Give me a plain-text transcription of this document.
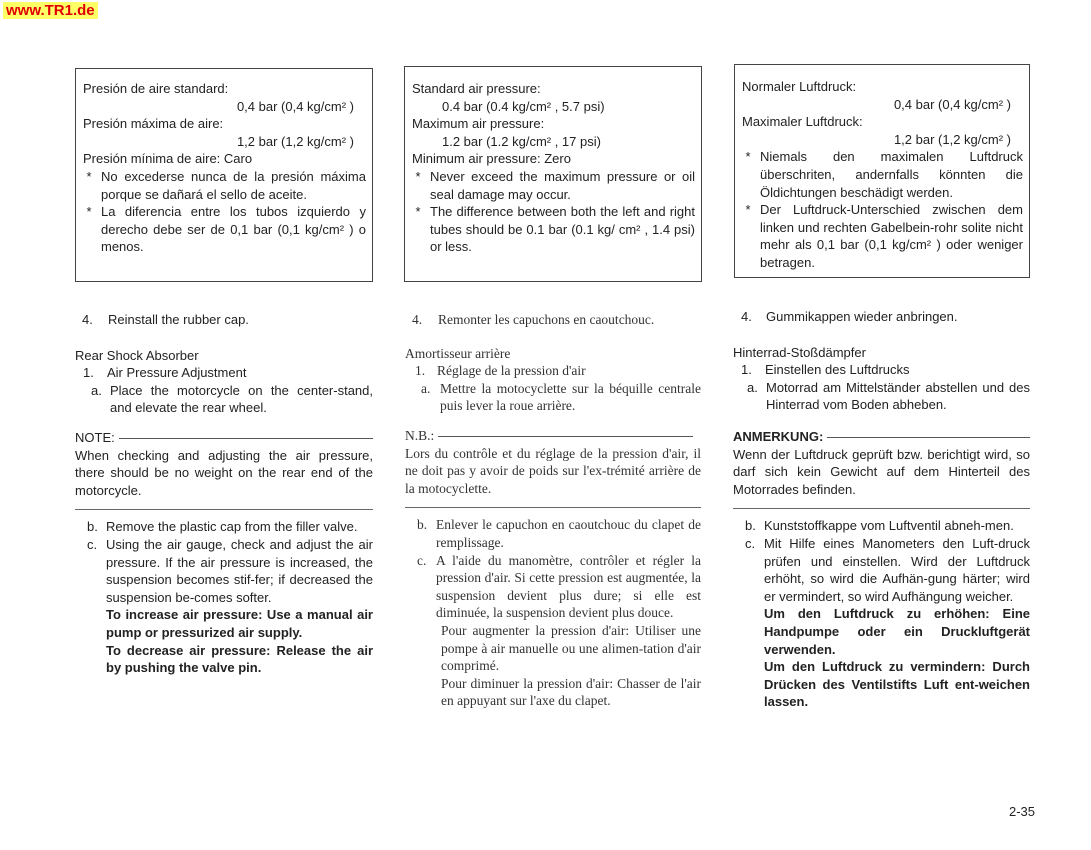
www.TR1.de
Presión de aire standard:
0,4 bar (0,4 kg/cm² )
Presión máxima de aire:
1,2 bar (1,2 kg/cm² )
Presión mínima de aire: Caro
* No excederse nunca de la presión máxima porque se dañará el sello de aceite.
* La diferencia entre los tubos izquierdo y derecho debe ser de 0,1 bar (0,1 kg/cm² ) o menos.
4.	Reinstall the rubber cap.
Rear Shock Absorber
1.	Air Pressure Adjustment
a. Place the motorcycle on the center-stand, and elevate the rear wheel.
NOTE:
When checking and adjusting the air pressure, there should be no weight on the rear end of the motorcycle.
b. Remove the plastic cap from the filler valve.
c. Using the air gauge, check and adjust the air pressure. If the air pressure is increased, the suspension becomes stif-fer; if decreased the suspension be-comes softer.
To increase air pressure: Use a manual air pump or pressurized air supply.
To decrease air pressure: Release the air by pushing the valve pin.
Standard air pressure:
0.4 bar (0.4 kg/cm² , 5.7 psi)
Maximum air pressure:
1.2 bar (1.2 kg/cm² , 17 psi)
Minimum air pressure: Zero
* Never exceed the maximum pressure or oil seal damage may occur.
* The difference between both the left and right tubes should be 0.1 bar (0.1 kg/ cm² , 1.4 psi) or less.
4.	Remonter les capuchons en caoutchouc.
Amortisseur arrière
1. Réglage de la pression d'air
a. Mettre la motocyclette sur la béquille centrale puis lever la roue arrière.
N.B.:
Lors du contrôle et du réglage de la pression d'air, il ne doit pas y avoir de poids sur l'ex-trémité arrière de la motocyclette.
b. Enlever le capuchon en caoutchouc du clapet de remplissage.
c. A l'aide du manomètre, contrôler et régler la pression d'air. Si cette pression est augmentée, la suspension devient plus dure; si elle est diminuée, la suspension devient plus douce.
Pour augmenter la pression d'air: Utiliser une pompe à air manuelle ou une alimen-tation d'air comprimé.
Pour diminuer la pression d'air: Chasser de l'air en appuyant sur l'axe du clapet.
Normaler Luftdruck:
0,4 bar (0,4 kg/cm² )
Maximaler Luftdruck:
1,2 bar (1,2 kg/cm² )
* Niemals den maximalen Luftdruck überschriten, andernfalls könnten die Öldichtungen beschädigt werden.
* Der Luftdruck-Unterschied zwischen dem linken und rechten Gabelbein-rohr solite nicht mehr als 0,1 bar (0,1 kg/cm² ) oder weniger betragen.
4.	Gummikappen wieder anbringen.
Hinterrad-Stoßdämpfer
1.	Einstellen des Luftdrucks
a. Motorrad am Mittelständer abstellen und des Hinterrad vom Boden abheben.
ANMERKUNG:
Wenn der Luftdruck geprüft bzw. berichtigt wird, so darf sich kein Gewicht auf dem Hinterteil des Motorrades befinden.
b. Kunststoffkappe vom Luftventil abneh-men.
c. Mit Hilfe eines Manometers den Luft-druck prüfen und einstellen. Wird der Luftdruck erhöht, so wird die Aufhän-gung härter; wird er vermindert, so wird Aufhängung weicher.
Um den Luftdruck zu erhöhen: Eine Handpumpe oder ein Druckluftgerät verwenden.
Um den Luftdruck zu vermindern: Durch Drücken des Ventilstifts Luft ent-weichen lassen.
2-35
